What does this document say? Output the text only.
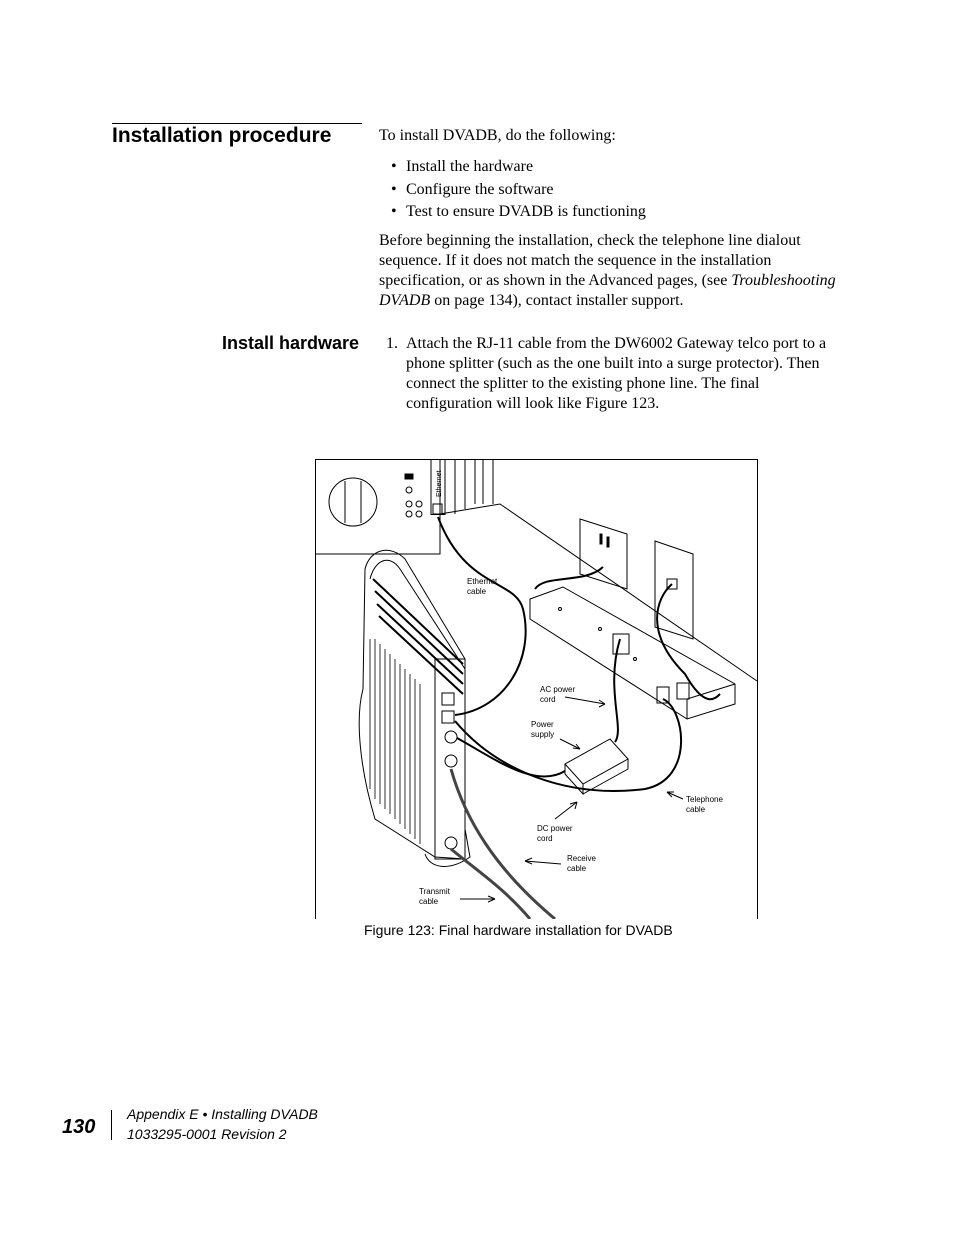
Installation procedure	To install DVADB, do the following:
• Install the hardware
• Configure the software
• Test to ensure DVADB is functioning
Before beginning the installation, check the telephone line dialout sequence. If it does not match the sequence in the installation specification, or as shown in the Advanced pages, (see Troubleshooting DVADB on page 134), contact installer support.
Install hardware 1. Attach the RJ-11 cable from the DW6002 Gateway telco port to a phone splitter (such as the one built into a surge protector). Then connect the splitter to the existing phone line. The final configuration will look like Figure 123.
Ethernet
Ethernet
cable
AC power
cord
Power
supply
Telephone
cable
DC power
cord
Receive
cable
Transmit
cable
Figure 123: Final hardware installation for DVADB
130
Appendix E • Installing DVADB
1033295-0001 Revision 2
